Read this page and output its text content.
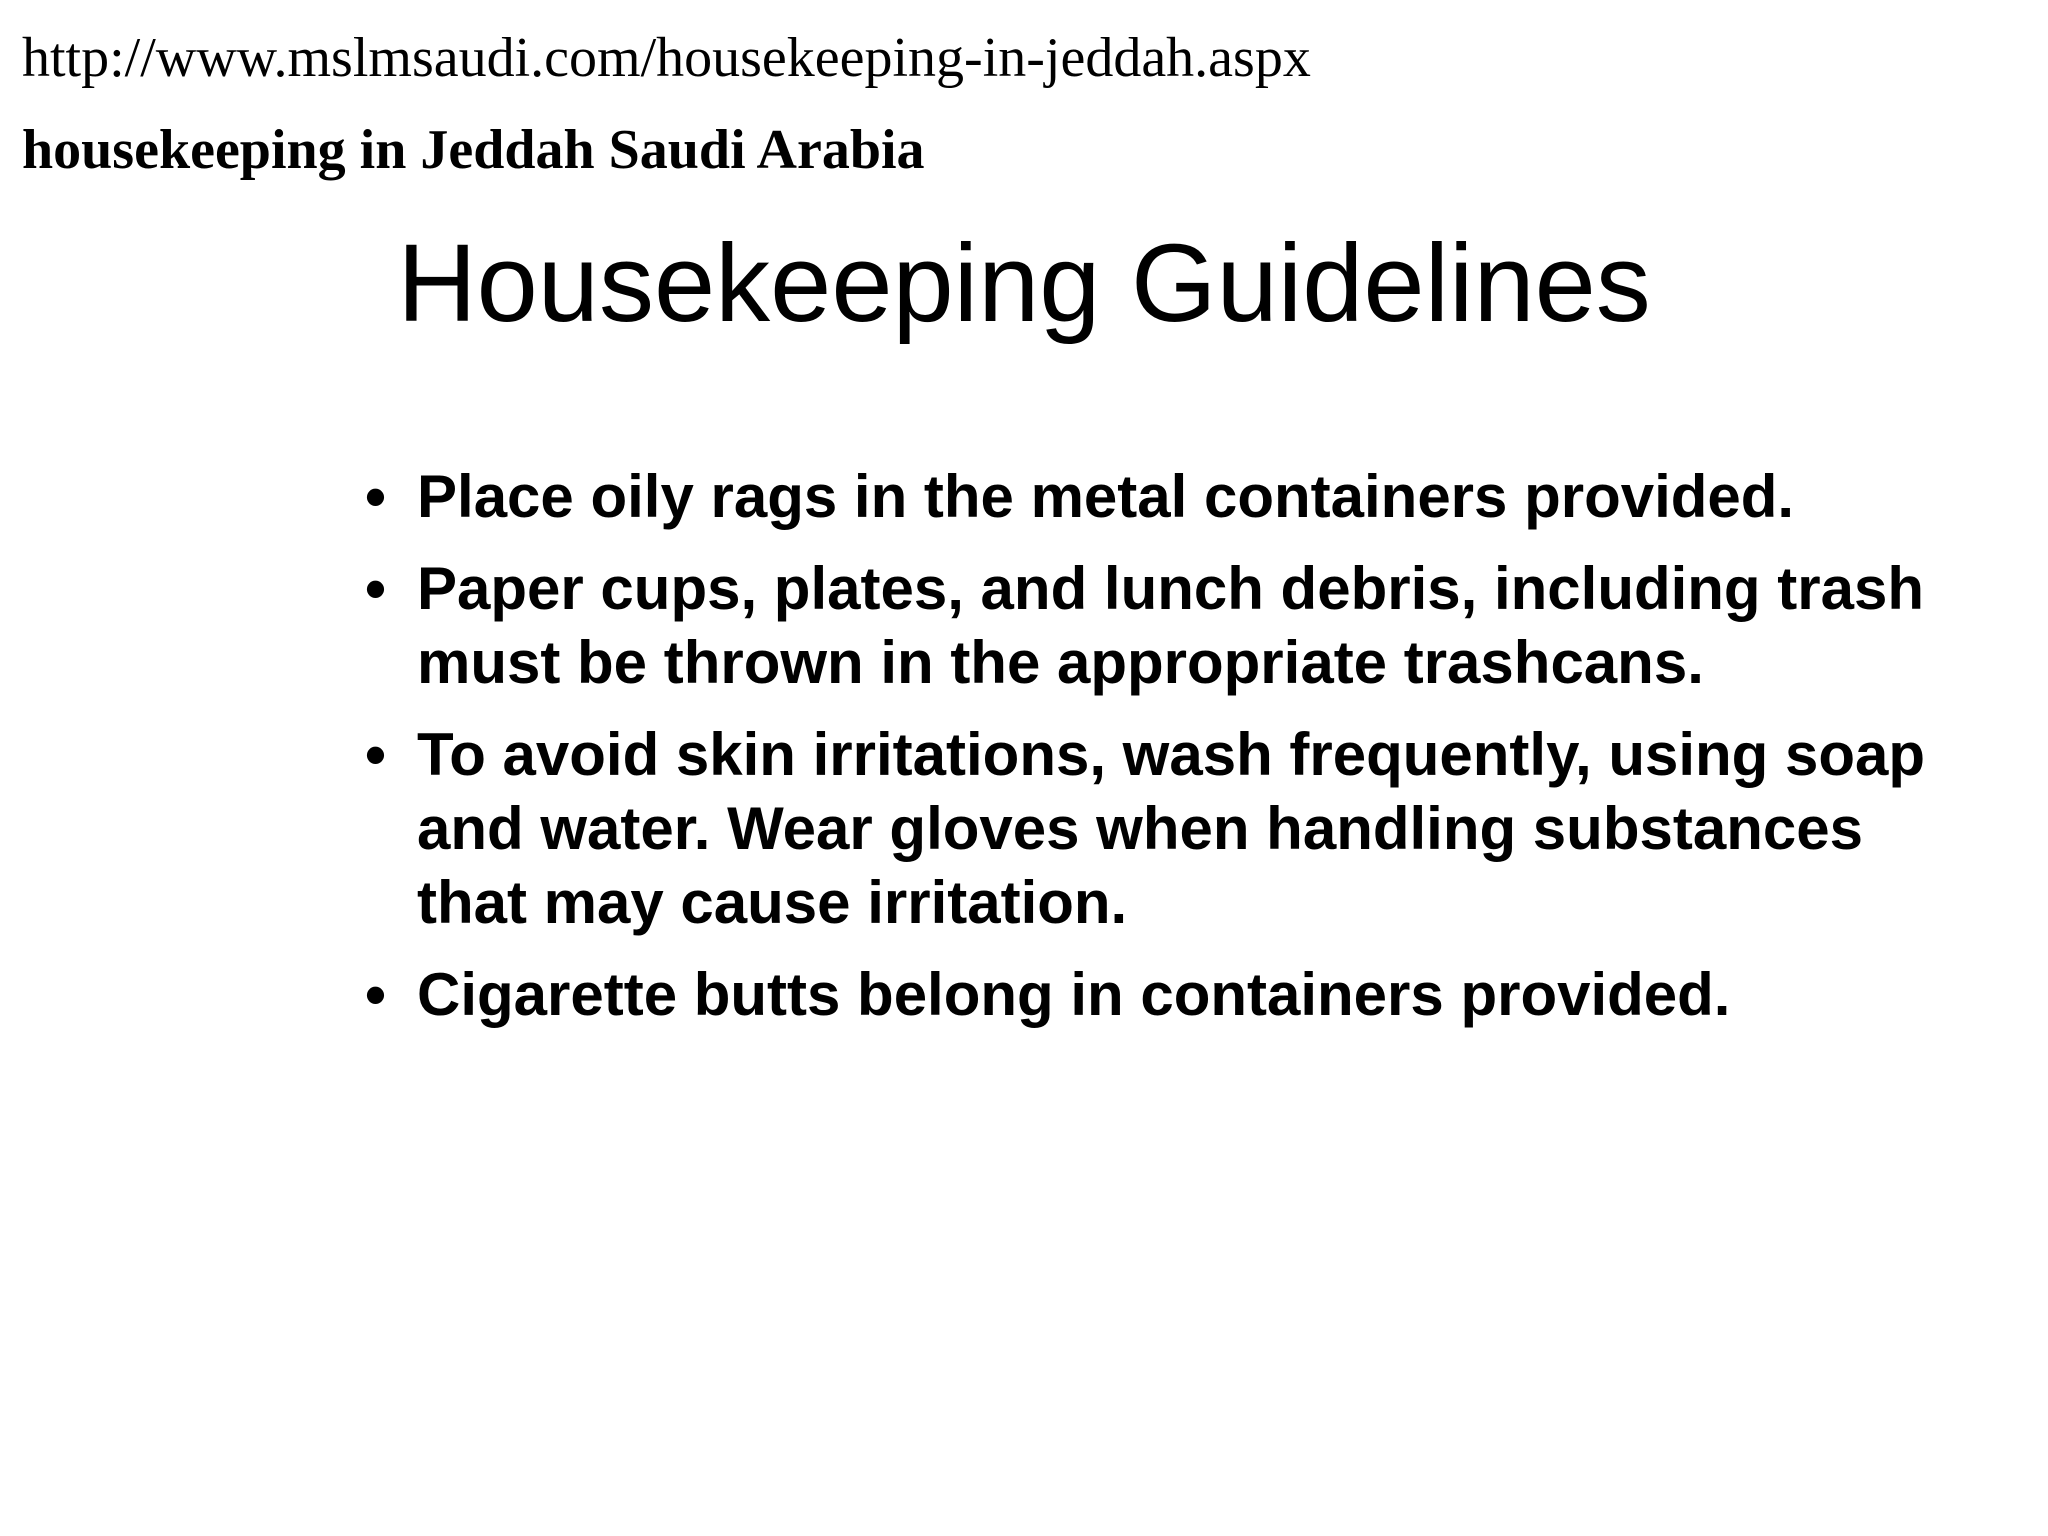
http://www.mslmsaudi.com/housekeeping-in-jeddah.aspx
housekeeping in Jeddah Saudi Arabia
Housekeeping Guidelines
• Place oily rags in the metal containers provided.
• Paper cups, plates, and lunch debris, including trash must be thrown in the appropriate trashcans.
• To avoid skin irritations, wash frequently, using soap and water. Wear gloves when handling substances that may cause irritation.
• Cigarette butts belong in containers provided.
